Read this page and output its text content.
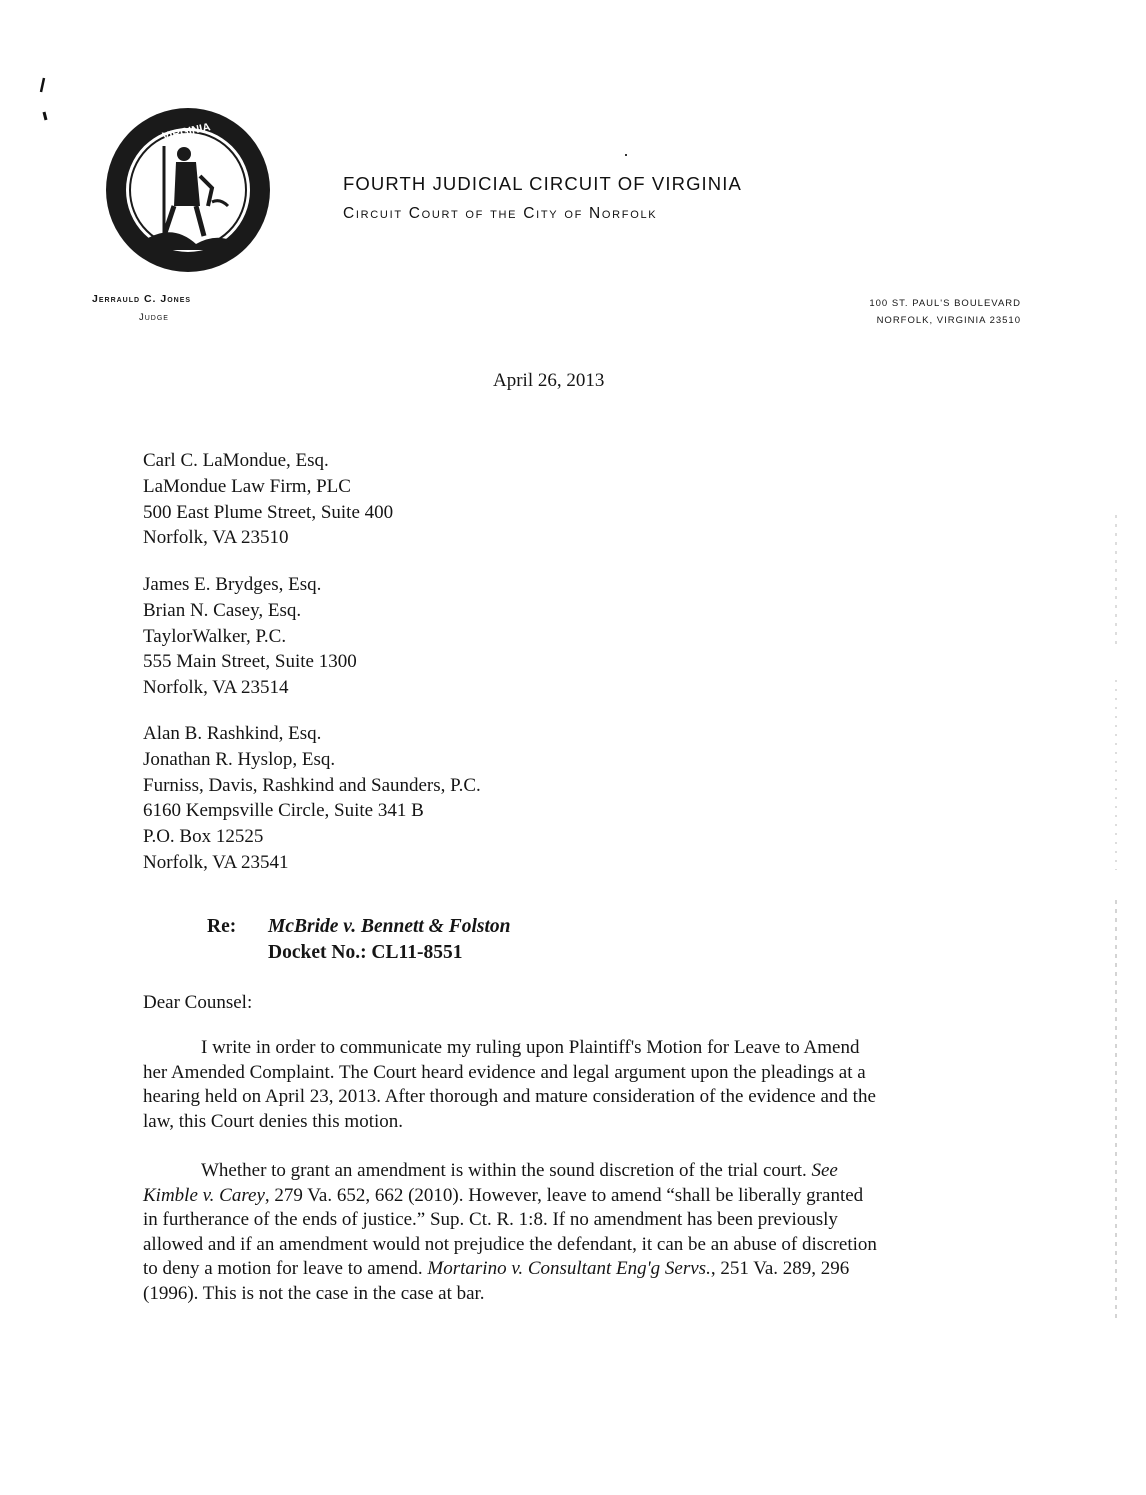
VIRGINIA
FOURTH JUDICIAL CIRCUIT OF VIRGINIA
Circuit Court of the City of Norfolk
Jerrauld C. Jones
Judge
100 ST. PAUL'S BOULEVARD
NORFOLK, VIRGINIA 23510
April 26, 2013
Carl C. LaMondue, Esq.
LaMondue Law Firm, PLC
500 East Plume Street, Suite 400
Norfolk, VA 23510
James E. Brydges, Esq.
Brian N. Casey, Esq.
TaylorWalker, P.C.
555 Main Street, Suite 1300
Norfolk, VA 23514
Alan B. Rashkind, Esq.
Jonathan R. Hyslop, Esq.
Furniss, Davis, Rashkind and Saunders, P.C.
6160 Kempsville Circle, Suite 341 B
P.O. Box 12525
Norfolk, VA 23541
Re: McBride v. Bennett & Folston
Docket No.: CL11-8551
Dear Counsel:

I write in order to communicate my ruling upon Plaintiff's Motion for Leave to Amend
her Amended Complaint. The Court heard evidence and legal argument upon the pleadings at a
hearing held on April 23, 2013. After thorough and mature consideration of the evidence and the
law, this Court denies this motion.

Whether to grant an amendment is within the sound discretion of the trial court. See
Kimble v. Carey, 279 Va. 652, 662 (2010). However, leave to amend “shall be liberally granted
in furtherance of the ends of justice.” Sup. Ct. R. 1:8. If no amendment has been previously
allowed and if an amendment would not prejudice the defendant, it can be an abuse of discretion
to deny a motion for leave to amend. Mortarino v. Consultant Eng'g Servs., 251 Va. 289, 296
(1996). This is not the case in the case at bar.
